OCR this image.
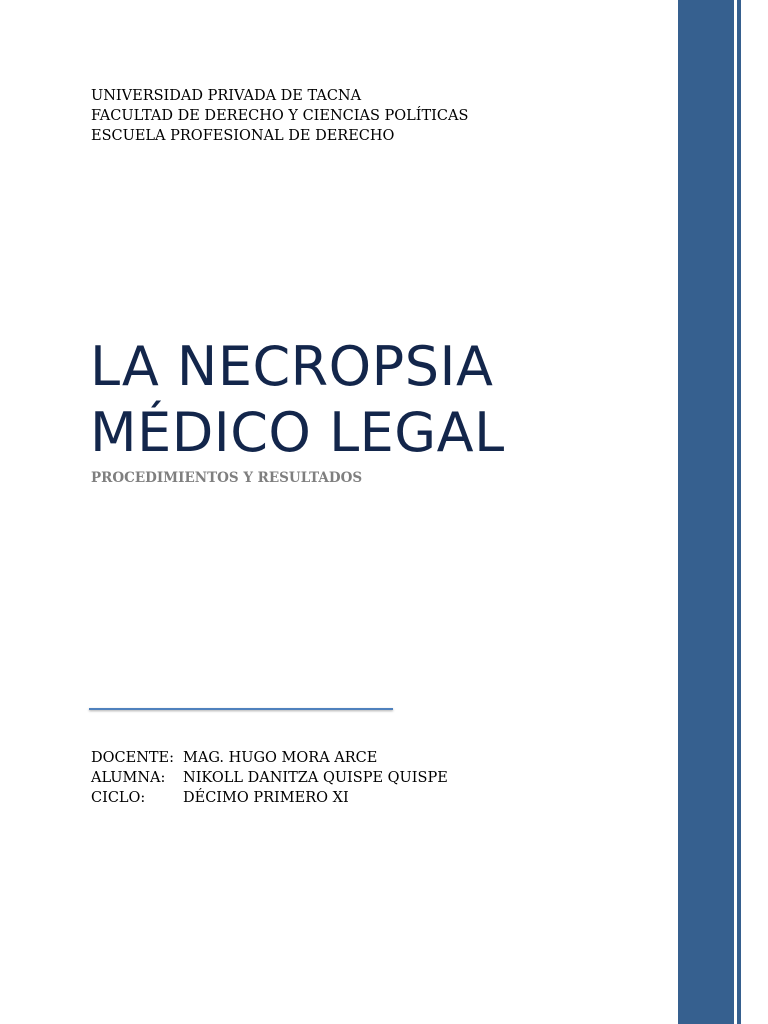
UNIVERSIDAD PRIVADA DE TACNA
FACULTAD DE DERECHO Y CIENCIAS POLÍTICAS
ESCUELA PROFESIONAL DE DERECHO
LA NECROPSIA
MÉDICO LEGAL
PROCEDIMIENTOS Y RESULTADOS
DOCENTE: MAG. HUGO MORA ARCE
ALUMNA:	NIKOLL DANITZA QUISPE QUISPE
CICLO:	DÉCIMO PRIMERO XI
